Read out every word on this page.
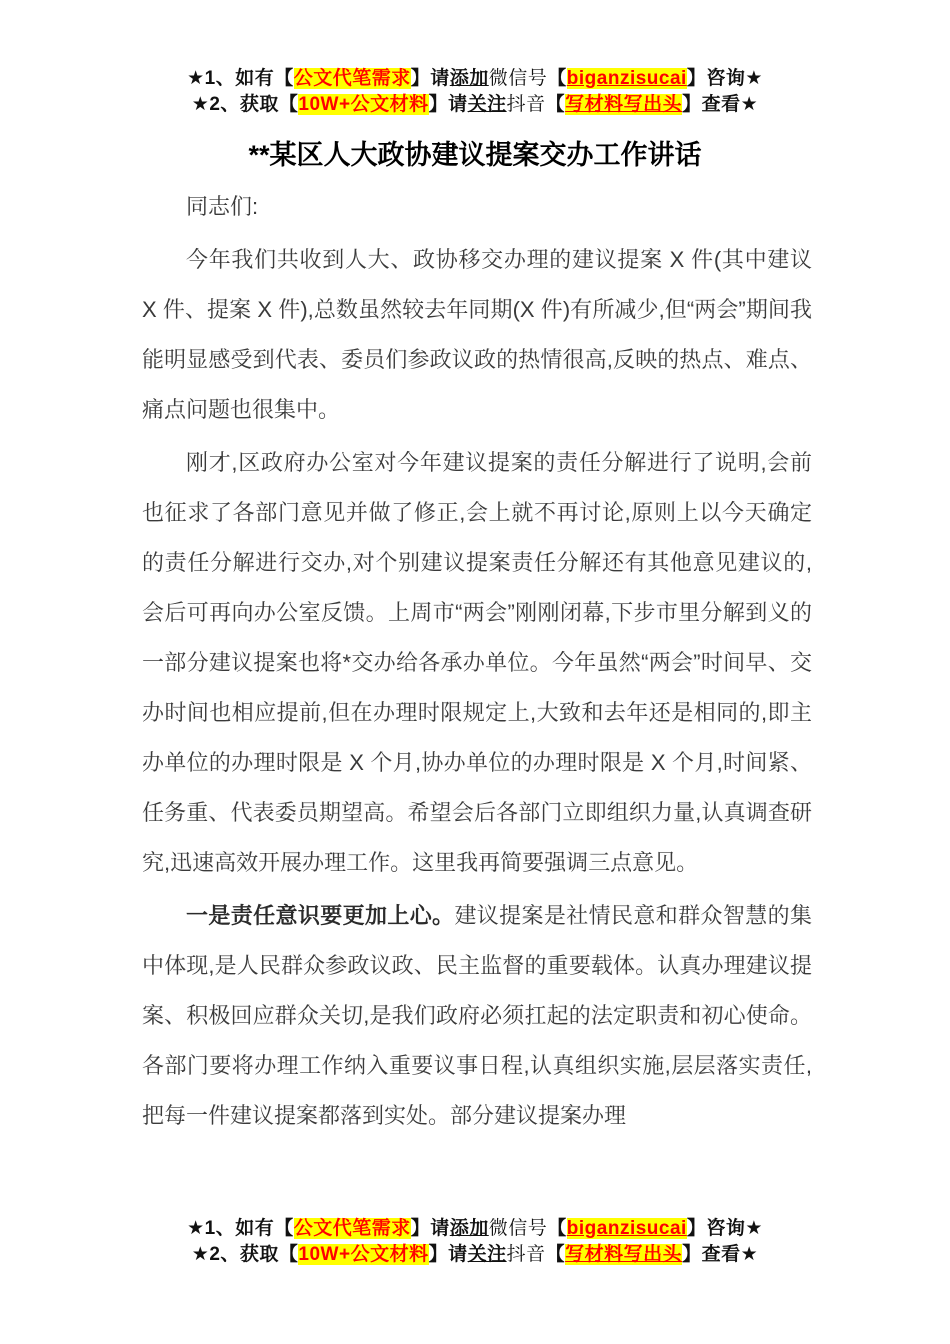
★1、如有【公文代笔需求】请添加微信号【biganzisucai】咨询★
★2、获取【10W+公文材料】请关注抖音【写材料写出头】查看★
**某区人大政协建议提案交办工作讲话

同志们:

今年我们共收到人大、政协移交办理的建议提案 X 件(其中建议 X 件、提案 X 件),总数虽然较去年同期(X 件)有所减少,但“两会”期间我能明显感受到代表、委员们参政议政的热情很高,反映的热点、难点、痛点问题也很集中。

刚才,区政府办公室对今年建议提案的责任分解进行了说明,会前也征求了各部门意见并做了修正,会上就不再讨论,原则上以今天确定的责任分解进行交办,对个别建议提案责任分解还有其他意见建议的,会后可再向办公室反馈。上周市“两会”刚刚闭幕,下步市里分解到义的一部分建议提案也将*交办给各承办单位。今年虽然“两会”时间早、交办时间也相应提前,但在办理时限规定上,大致和去年还是相同的,即主办单位的办理时限是 X 个月,协办单位的办理时限是 X 个月,时间紧、任务重、代表委员期望高。希望会后各部门立即组织力量,认真调查研究,迅速高效开展办理工作。这里我再简要强调三点意见。

一是责任意识要更加上心。建议提案是社情民意和群众智慧的集中体现,是人民群众参政议政、民主监督的重要载体。认真办理建议提案、积极回应群众关切,是我们政府必须扛起的法定职责和初心使命。各部门要将办理工作纳入重要议事日程,认真组织实施,层层落实责任,把每一件建议提案都落到实处。部分建议提案办理

★1、如有【公文代笔需求】请添加微信号【biganzisucai】咨询★
★2、获取【10W+公文材料】请关注抖音【写材料写出头】查看★
